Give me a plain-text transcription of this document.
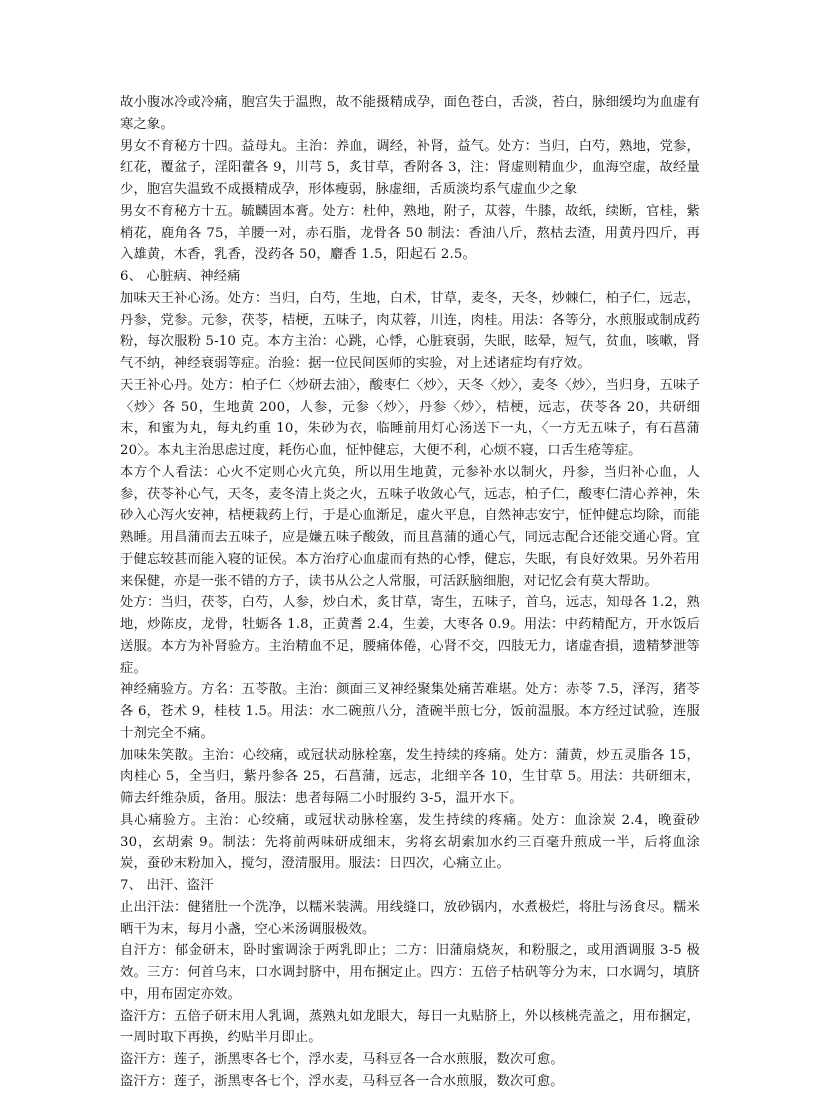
故小腹冰冷或冷痛，胞宫失于温煦，故不能摄精成孕，面色苍白，舌淡，苔白，脉细缓均为血虚有寒之象。

男女不育秘方十四。益母丸。主治：养血，调经，补肾，益气。处方：当归，白芍，熟地，党参，红花，覆盆子，淫阳藿各 9，川芎 5，炙甘草，香附各 3，注：肾虚则精血少，血海空虚，故经量少，胞宫失温致不成摄精成孕，形体瘦弱，脉虚细，舌质淡均系气虚血少之象

男女不育秘方十五。毓麟固本膏。处方：杜仲，熟地，附子，苁蓉，牛膝，故纸，续断，官桂，紫梢花，鹿角各 75，羊腰一对，赤石脂，龙骨各 50 制法：香油八斤，熬枯去渣，用黄丹四斤，再入雄黄，木香，乳香，没药各 50，麝香 1.5，阳起石 2.5。

6、 心脏病、神经痛

加味天王补心汤。处方：当归，白芍，生地，白术，甘草，麦冬，天冬，炒棘仁，柏子仁，远志，丹参，党参。元参，茯苓，桔梗，五味子，肉苁蓉，川连，肉桂。用法：各等分，水煎服或制成药粉，每次服粉 5-10 克。本方主治：心跳，心悸，心脏衰弱，失眠，眩晕，短气，贫血，咳嗽，肾气不纳，神经衰弱等症。治验：据一位民间医师的实验，对上述诸症均有疗效。

天王补心丹。处方：柏子仁〈炒研去油〉，酸枣仁〈炒〉，天冬〈炒〉，麦冬〈炒〉，当归身，五味子〈炒〉各 50，生地黄 200，人参，元参〈炒〉，丹参〈炒〉，桔梗，远志，茯苓各 20，共研细末，和蜜为丸，每丸约重 10，朱砂为衣，临睡前用灯心汤送下一丸，〈一方无五味子，有石菖蒲 20〉。本丸主治思虑过度，耗伤心血，怔忡健忘，大便不利，心烦不寝，口舌生疮等症。

本方个人看法：心火不定则心火亢奂，所以用生地黄，元参补水以制火，丹参，当归补心血，人参，茯苓补心气，天冬，麦冬清上炎之火，五味子收敛心气，远志，柏子仁，酸枣仁清心养神，朱砂入心泻火安神，桔梗栽药上行，于是心血渐足，虚火平息，自然神志安宁，怔忡健忘均除，而能熟睡。用昌蒲而去五味子，应是嫌五味子酸敛，而且菖蒲的通心气，同远志配合还能交通心肾。宜于健忘较甚而能入寝的证侯。本方治疗心血虚而有热的心悸，健忘，失眠，有良好效果。另外若用来保健，亦是一张不错的方子，读书从公之人常服，可活跃脑细胞，对记忆会有莫大帮助。

处方：当归，茯苓，白芍，人参，炒白术，炙甘草，寄生，五味子，首乌，远志，知母各 1.2，熟地，炒陈皮，龙骨，牡蛎各 1.8，正黄耆 2.4，生姜，大枣各 0.9。用法：中药精配方，开水饭后送服。本方为补肾验方。主治精血不足，腰痛体倦，心肾不交，四肢无力，诸虚杳損，遗精梦泄等症。

神经痛验方。方名：五苓散。主治：颜面三叉神经聚集处痛苦难堪。处方：赤苓 7.5，泽泻，猪苓各 6，苍术 9，桂枝 1.5。用法：水二碗煎八分，渣碗半煎七分，饭前温服。本方经过试验，连服十剂完全不痛。

加味朱笑散。主治：心绞痛，或冠状动脉栓塞，发生持续的疼痛。处方：蒲黄，炒五灵脂各 15，肉桂心 5，全当归，紫丹参各 25，石菖蒲，远志，北细辛各 10，生甘草 5。用法：共研细末，筛去纤维杂质，备用。服法：患者每隔二小时服约 3-5，温开水下。

具心痛验方。主治：心绞痛，或冠状动脉栓塞，发生持续的疼痛。处方：血涂炭 2.4，晚蚕砂 30，玄胡索 9。制法：先将前两味研成细末，劣将玄胡索加水约三百毫升煎成一半，后将血涂炭，蚕砂末粉加入，搅匀，澄清服用。服法：日四次，心痛立止。

7、 出汗、盗汗

止出汗法：健猪肚一个洗净，以糯米装满。用线缝口，放砂锅内，水煮极烂，将肚与汤食尽。糯米晒干为末，每月小盏，空心米汤调服极效。

自汗方：郁金研末，卧时蜜调涂于两乳即止；二方：旧蒲扇烧灰，和粉服之，或用酒调服 3-5 极效。三方：何首乌末，口水调封脐中，用布捆定止。四方：五倍子枯矾等分为末，口水调匀，填脐中，用布固定亦效。

盗汗方：五倍子研末用人乳调，蒸熟丸如龙眼大，每日一丸贴脐上，外以核桃壳盖之，用布捆定，一周时取下再换，约贴半月即止。

盗汗方：莲子，浙黑枣各七个，浮水麦，马科豆各一合水煎服，数次可愈。

盗汗方：莲子，浙黑枣各七个，浮水麦，马科豆各一合水煎服，数次可愈。
